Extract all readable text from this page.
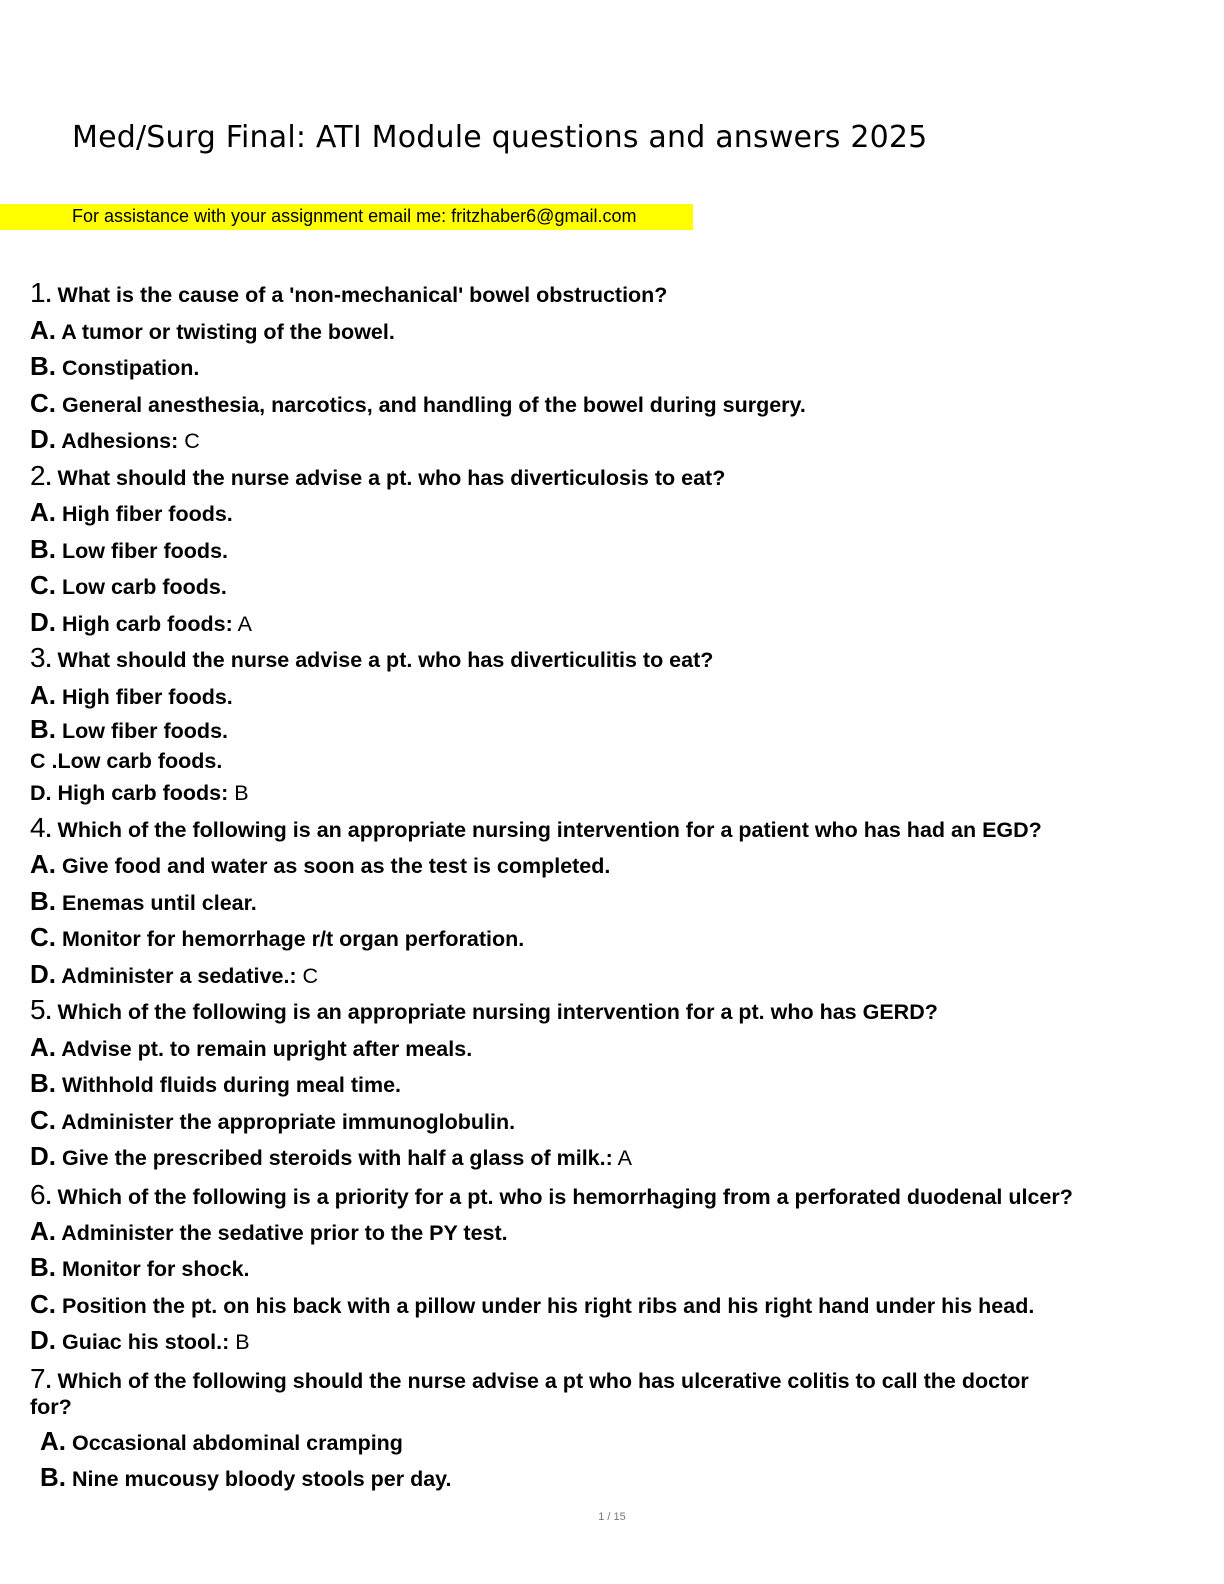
Med/Surg Final: ATI Module questions and answers 2025
For assistance with your assignment email me: fritzhaber6@gmail.com
1. What is the cause of a 'non-mechanical' bowel obstruction?
A. A tumor or twisting of the bowel.
B. Constipation.
C. General anesthesia, narcotics, and handling of the bowel during surgery.
D. Adhesions: C
2. What should the nurse advise a pt. who has diverticulosis to eat?
A. High fiber foods.
B. Low fiber foods.
C. Low carb foods.
D. High carb foods: A
3. What should the nurse advise a pt. who has diverticulitis to eat?
A. High fiber foods.
B. Low fiber foods.
C .Low carb foods.
D. High carb foods: B
4. Which of the following is an appropriate nursing intervention for a patient who has had an EGD?
A. Give food and water as soon as the test is completed.
B. Enemas until clear.
C. Monitor for hemorrhage r/t organ perforation.
D. Administer a sedative.: C
5. Which of the following is an appropriate nursing intervention for a pt. who has GERD?
A. Advise pt. to remain upright after meals.
B. Withhold fluids during meal time.
C. Administer the appropriate immunoglobulin.
D. Give the prescribed steroids with half a glass of milk.: A
6. Which of the following is a priority for a pt. who is hemorrhaging from a perforated duodenal ulcer?
A. Administer the sedative prior to the PY test.
B. Monitor for shock.
C. Position the pt. on his back with a pillow under his right ribs and his right hand under his head.
D. Guiac his stool.: B
7. Which of the following should the nurse advise a pt who has ulcerative colitis to call the doctor for?
A. Occasional abdominal cramping
B. Nine mucousy bloody stools per day.
1 / 15
